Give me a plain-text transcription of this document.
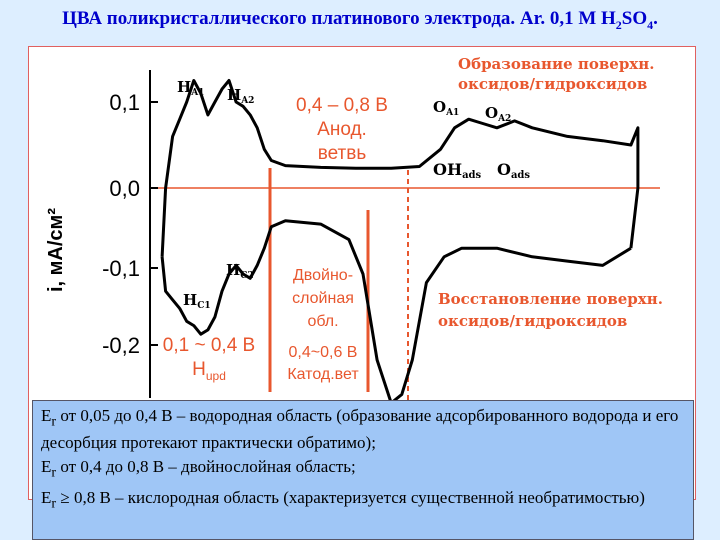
ЦВА поликристаллического платинового электрода. Ar. 0,1 М $H_2SO_4$.
0,1
0,0
-0,1
-0,2
i, мА/см²
$H_{A1}$ $H_{A2}$
$H_{C1}$
$H_{C2}$
$O_{A1}$ $O_{A2}$
OHads Oads
0,4 – 0,8 В
Анод.
ветвь
Образование поверхн.
оксидов/гидроксидов
Восстановление поверхн.
оксидов/гидроксидов
Двойно-
слойная
обл.
0,4~0,6 В
Катод.вет
0,1 ~ 0,4 В
$H_{upd}$

$E_r$ от 0,05 до 0,4 В – водородная область (образование адсорбированного водорода и его десорбция протекают практически обратимо);

$E_r$ от 0,4 до 0,8 В – двойнослойная область;

$E_r \ge 0,8$ В – кислородная область (характеризуется существенной необратимостью)
